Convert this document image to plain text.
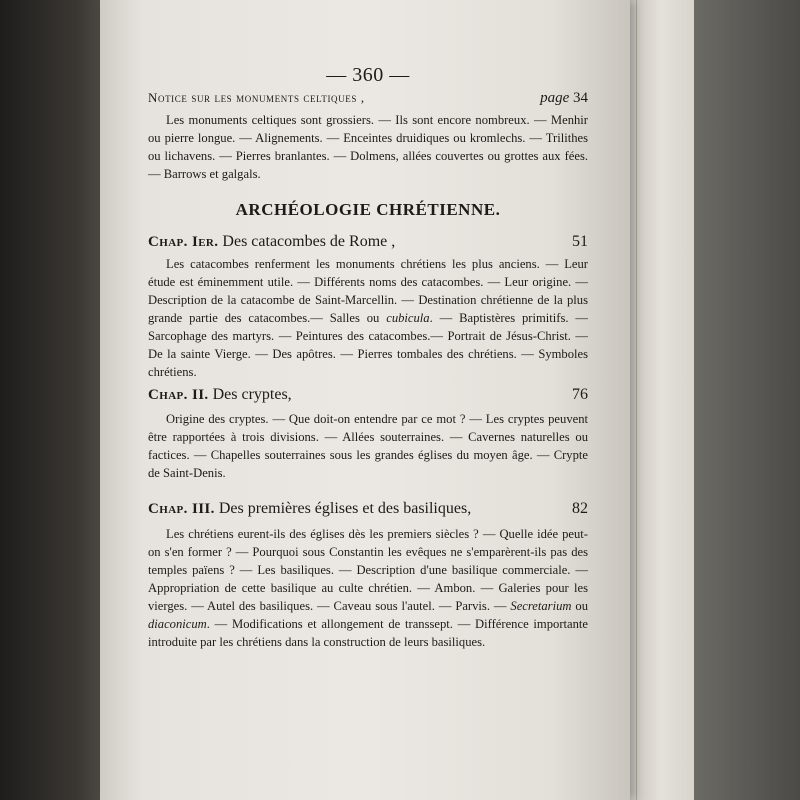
— 360 —
Notice sur les monuments celtiques ,	page 34
Les monuments celtiques sont grossiers. — Ils sont encore nombreux. — Menhir ou pierre longue. — Alignements. — Enceintes druidiques ou kromlechs. — Trilithes ou lichavens. — Pierres branlantes. — Dolmens, allées couvertes ou grottes aux fées. — Barrows et galgals.
ARCHÉOLOGIE CHRÉTIENNE.
Chap. Ier. Des catacombes de Rome ,	51
Les catacombes renferment les monuments chrétiens les plus anciens. — Leur étude est éminemment utile. — Différents noms des catacombes. — Leur origine. — Description de la catacombe de Saint-Marcellin. — Destination chrétienne de la plus grande partie des catacombes.— Salles ou cubicula. — Baptistères primitifs. — Sarcophage des martyrs. — Peintures des catacombes.— Portrait de Jésus-Christ. — De la sainte Vierge. — Des apôtres. — Pierres tombales des chrétiens. — Symboles chrétiens.
Chap. II. Des cryptes,	76
Origine des cryptes. — Que doit-on entendre par ce mot ? — Les cryptes peuvent être rapportées à trois divisions. — Allées souterraines. — Cavernes naturelles ou factices. — Chapelles souterraines sous les grandes églises du moyen âge. — Crypte de Saint-Denis.
Chap. III. Des premières églises et des basiliques,	82
Les chrétiens eurent-ils des églises dès les premiers siècles ? — Quelle idée peut-on s'en former ? — Pourquoi sous Constantin les evêques ne s'emparèrent-ils pas des temples païens ? — Les basiliques. — Description d'une basilique commerciale. — Appropriation de cette basilique au culte chrétien. — Ambon. — Galeries pour les vierges. — Autel des basiliques. — Caveau sous l'autel. — Parvis. — Secretarium ou diaconicum. — Modifications et allongement de transsept. — Différence importante introduite par les chrétiens dans la construction de leurs basiliques.
